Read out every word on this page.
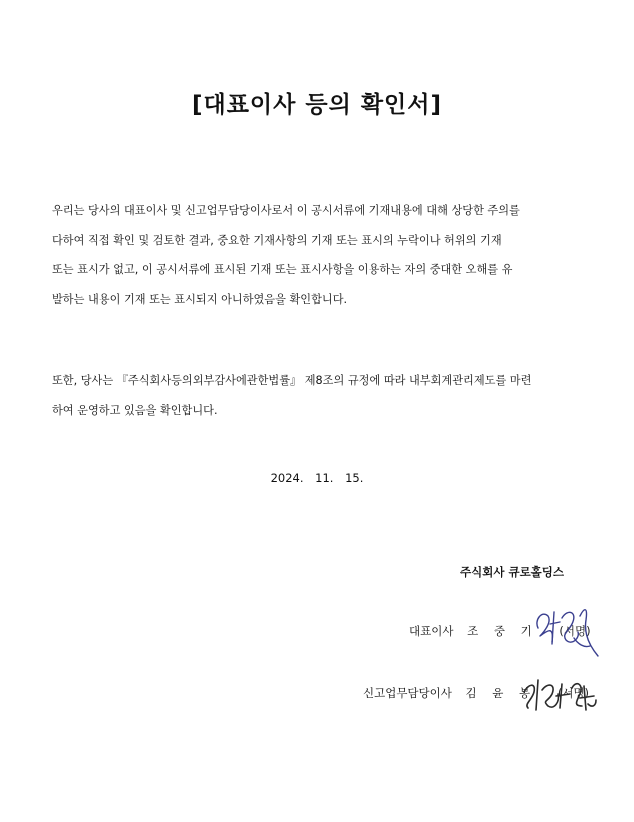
[대표이사 등의 확인서]

우리는 당사의 대표이사 및 신고업무담당이사로서 이 공시서류에 기재내용에 대해 상당한 주의를

다하여 직접 확인 및 검토한 결과, 중요한 기재사항의 기재 또는 표시의 누락이나 허위의 기재

또는 표시가 없고, 이 공시서류에 표시된 기재 또는 표시사항을 이용하는 자의 중대한 오해를 유

발하는 내용이 기재 또는 표시되지 아니하였음을 확인합니다.

또한, 당사는 『주식회사등의외부감사에관한법률』 제8조의 규정에 따라 내부회계관리제도를 마련

하여 운영하고 있음을 확인합니다.

2024. 11. 15.
주식회사 큐로홀딩스
대표이사 조 중 기 (서명)
신고업무담당이사 김 윤 봉 (서명)
